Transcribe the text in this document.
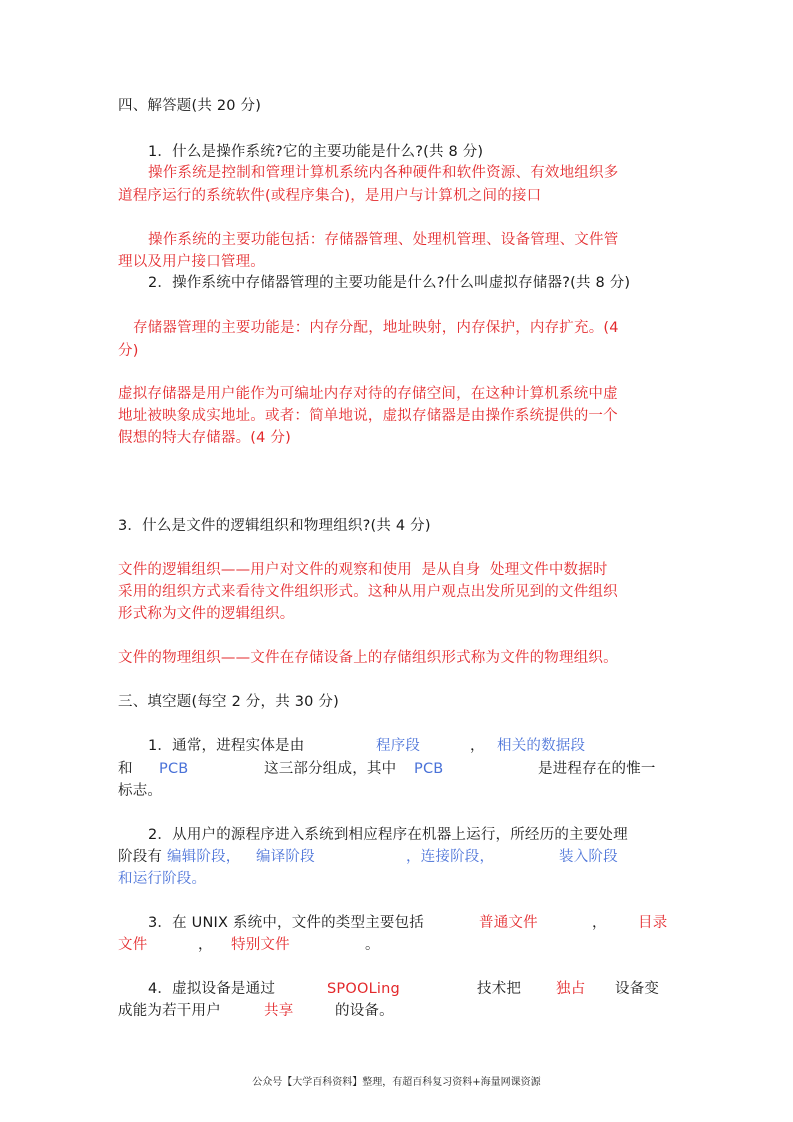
四、解答题(共 20 分)
1．什么是操作系统?它的主要功能是什么?(共 8 分)
操作系统是控制和管理计算机系统内各种硬件和软件资源、有效地组织多
道程序运行的系统软件(或程序集合)，是用户与计算机之间的接口
操作系统的主要功能包括：存储器管理、处理机管理、设备管理、文件管
理以及用户接口管理。
2．操作系统中存储器管理的主要功能是什么?什么叫虚拟存储器?(共 8 分)
存储器管理的主要功能是：内存分配，地址映射，内存保护，内存扩充。(4
分)
虚拟存储器是用户能作为可编址内存对待的存储空间，在这种计算机系统中虚
地址被映象成实地址。或者：简单地说，虚拟存储器是由操作系统提供的一个
假想的特大存储器。(4 分)
3．什么是文件的逻辑组织和物理组织?(共 4 分)
文件的逻辑组织——用户对文件的观察和使用  是从自身  处理文件中数据时
采用的组织方式来看待文件组织形式。这种从用户观点出发所见到的文件组织
形式称为文件的逻辑组织。
文件的物理组织——文件在存储设备上的存储组织形式称为文件的物理组织。
三、填空题(每空 2 分，共 30 分)
1．通常，进程实体是由	程序段	， 相关的数据段
和 PCB	这三部分组成，其中 PCB	是进程存在的惟一
标志。
2．从用户的源程序进入系统到相应程序在机器上运行，所经历的主要处理
阶段有 编辑阶段， 编译阶段	，连接阶段，	装入阶段
和运行阶段。
3．在 UNIX 系统中，文件的类型主要包括	普通文件	， 目录
文件	， 特别文件	。
4．虚拟设备是通过	SPOOLing	技术把 独占 设备变
成能为若干用户	共享	的设备。
公众号【大学百科资料】整理，有超百科复习资料+海量网课资源
